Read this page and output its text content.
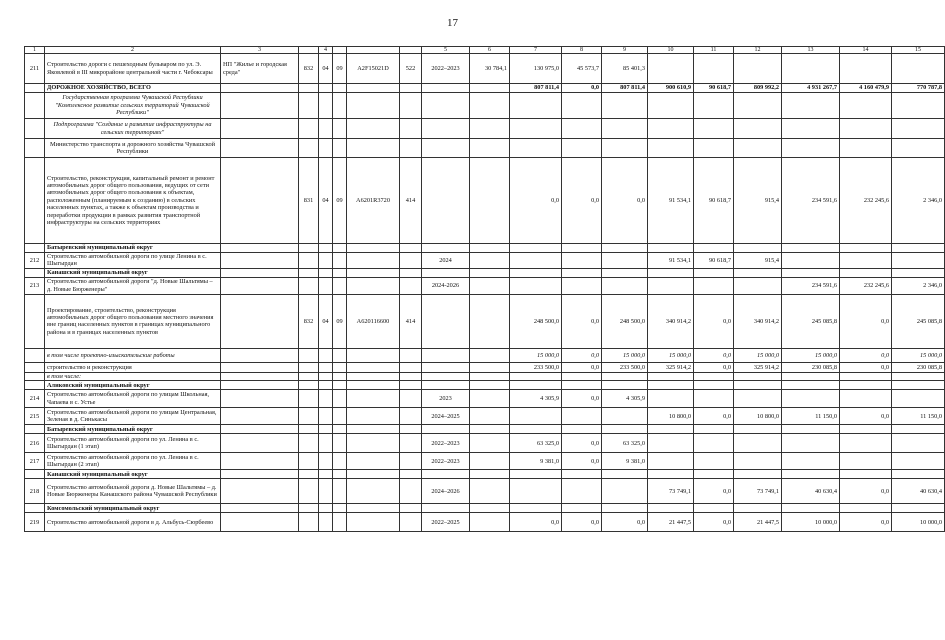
17
1	2	3		4				5	6	7	8	9	10	11	12	13	14	15
211	Строительство дороги с пешеходным бульваром по ул. Э. Яковлевой в III микрорайоне центральной части г. Чебоксары	НП "Жилье и городская среда"	832	04	09	А2F15021D	522	2022–2023	30 784,1	130 975,0	45 573,7	85 401,3						
	ДОРОЖНОЕ ХОЗЯЙСТВО, ВСЕГО									807 811,4	0,0	807 811,4	900 610,9	90 618,7	809 992,2	4 931 267,7	4 160 479,9	770 787,8
	Государственная программа Чувашской Республики "Комплексное развитие сельских территорий Чувашской Республики"																	
	Подпрограмма "Создание и развитие инфраструктуры на сельских территориях"																	
	Министерство транспорта и дорожного хозяйства Чувашской Республики																	
	Строительство, реконструкция, капитальный ремонт и ремонт автомобильных дорог общего пользования, ведущих от сети автомобильных дорог общего пользования к объектам, расположенным (планируемым к созданию) в сельских населенных пунктах, а также к объектам производства и переработки продукции в рамках развития транспортной инфраструктуры на сельских территориях		831	04	09	А6201R3720	414			0,0	0,0	0,0	91 534,1	90 618,7	915,4	234 591,6	232 245,6	2 346,0
	Батыревский муниципальный округ																	
212	Строительство автомобильной дороги по улице Ленина в с. Шыгырдан							2024					91 534,1	90 618,7	915,4			
	Канашский муниципальный округ																	
213	Строительство автомобильной дороги "д. Новые Шальтямы – д. Новые Бюрженеры"							2024-2026								234 591,6	232 245,6	2 346,0
	Проектирование, строительство, реконструкция автомобильных дорог общего пользования местного значения вне границ населенных пунктов в границах муниципального района и в границах населенных пунктов		832	04	09	А620116600	414			248 500,0	0,0	248 500,0	340 914,2	0,0	340 914,2	245 085,8	0,0	245 085,8
	в том числе проектно-изыскательские работы									15 000,0	0,0	15 000,0	15 000,0	0,0	15 000,0	15 000,0	0,0	15 000,0
	строительство и реконструкция									233 500,0	0,0	233 500,0	325 914,2	0,0	325 914,2	230 085,8	0,0	230 085,8
	в том числе:																	
	Аликовский муниципальный округ																	
214	Строительство автомобильной дороги по улицам Школьная, Чапаева в с. Устье							2023		4 305,9	0,0	4 305,9						
215	Строительство автомобильной дороги по улицам Центральная, Зеленая в д. Синькасы							2024–2025					10 800,0	0,0	10 800,0	11 150,0	0,0	11 150,0
	Батыревский муниципальный округ																	
216	Строительство автомобильной дороги по ул. Ленина в с. Шыгырдан (1 этап)							2022–2023		63 325,0	0,0	63 325,0						
217	Строительство автомобильной дороги по ул. Ленина в с. Шыгырдан (2 этап)							2022–2023		9 381,0	0,0	9 381,0						
	Канашский муниципальный округ																	
218	Строительство автомобильной дороги д. Новые Шальтямы – д. Новые Бюрженеры Канашского района Чувашской Республики							2024–2026					73 749,1	0,0	73 749,1	40 630,4	0,0	40 630,4
	Комсомольский муниципальный округ																	
219	Строительство автомобильной дороги в д. Альбусь-Сюрбеево							2022–2025		0,0	0,0	0,0	21 447,5	0,0	21 447,5	10 000,0	0,0	10 000,0
